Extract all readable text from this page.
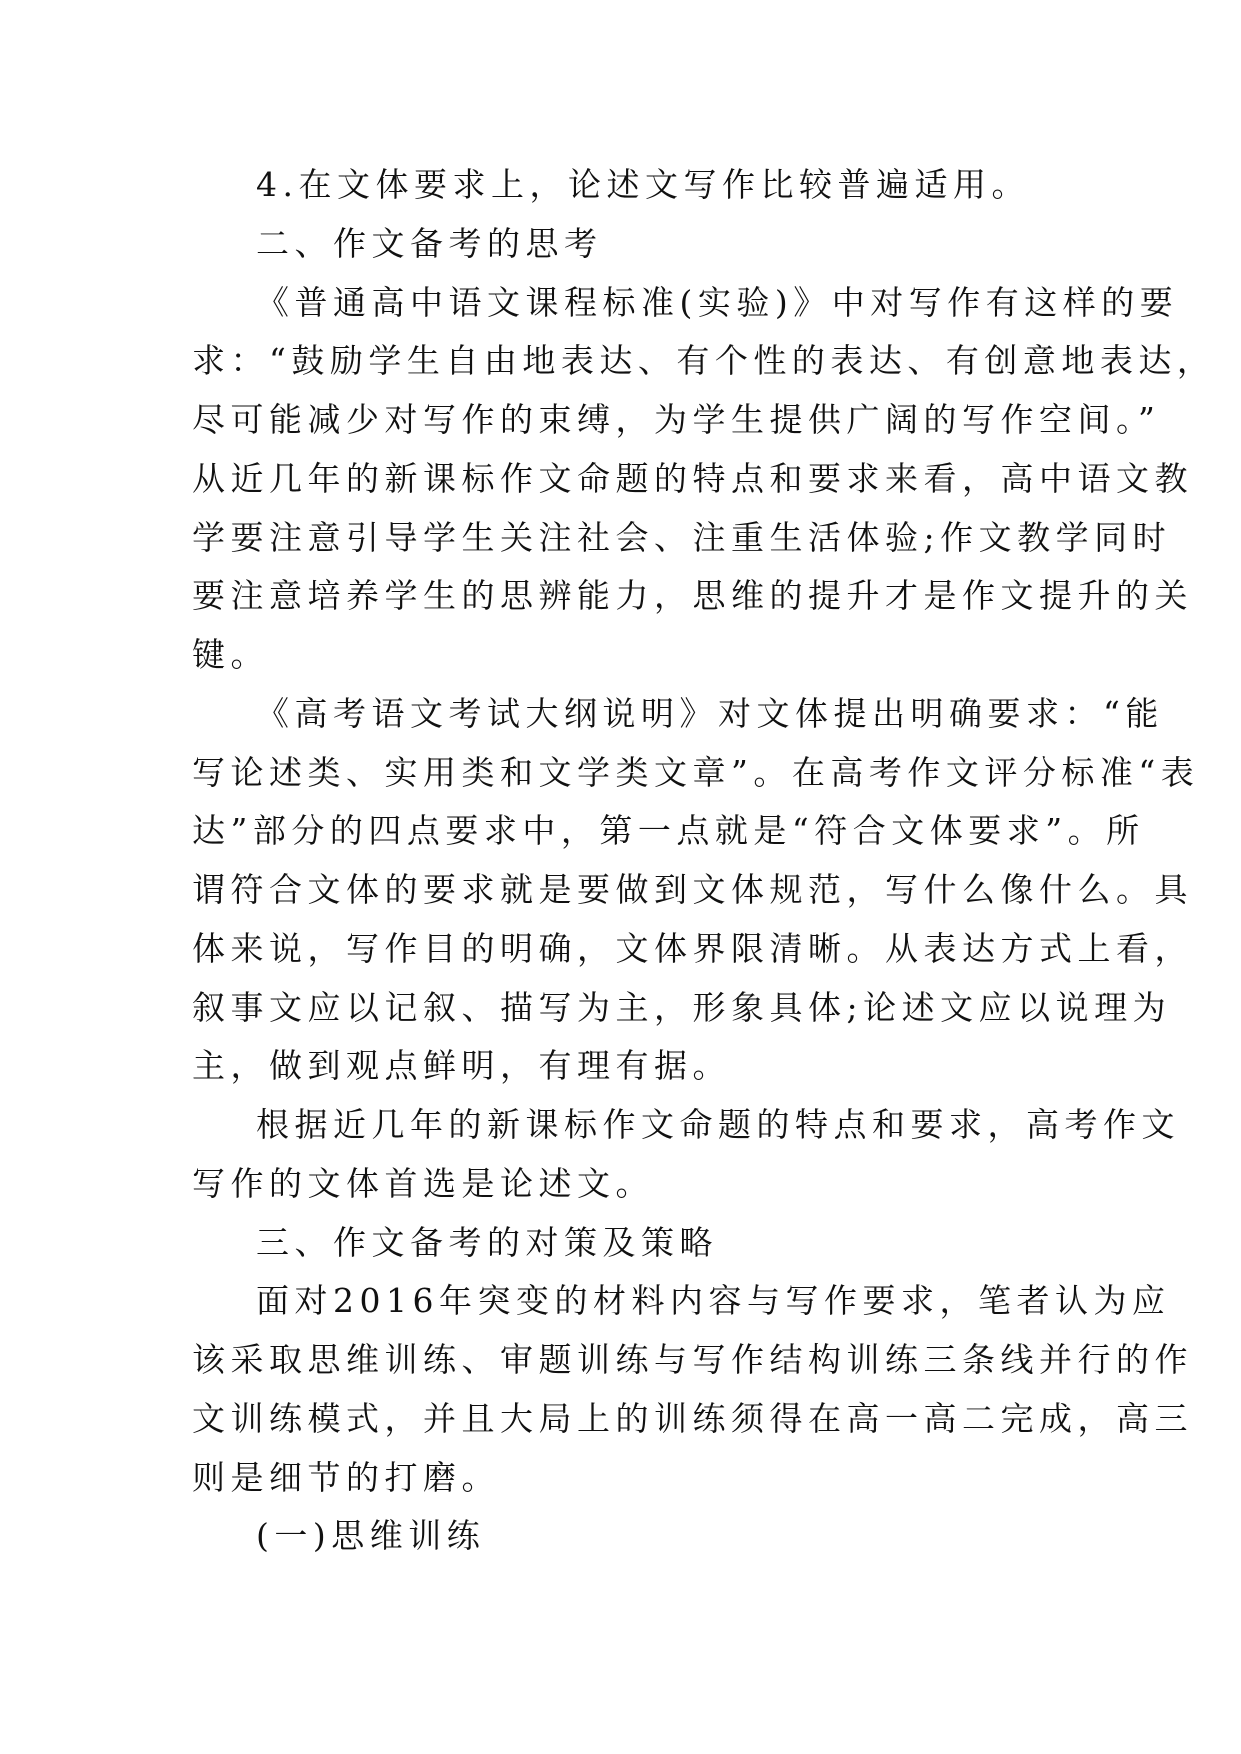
4.在文体要求上，论述文写作比较普遍适用。
二、作文备考的思考
《普通高中语文课程标准(实验)》中对写作有这样的要
求：“鼓励学生自由地表达、有个性的表达、有创意地表达，
尽可能减少对写作的束缚，为学生提供广阔的写作空间。”
从近几年的新课标作文命题的特点和要求来看，高中语文教
学要注意引导学生关注社会、注重生活体验;作文教学同时
要注意培养学生的思辨能力，思维的提升才是作文提升的关
键。
《高考语文考试大纲说明》对文体提出明确要求：“能
写论述类、实用类和文学类文章”。在高考作文评分标准“表
达”部分的四点要求中，第一点就是“符合文体要求”。所
谓符合文体的要求就是要做到文体规范，写什么像什么。具
体来说，写作目的明确，文体界限清晰。从表达方式上看，
叙事文应以记叙、描写为主，形象具体;论述文应以说理为
主，做到观点鲜明，有理有据。
根据近几年的新课标作文命题的特点和要求，高考作文
写作的文体首选是论述文。
三、作文备考的对策及策略
面对2016年突变的材料内容与写作要求，笔者认为应
该采取思维训练、审题训练与写作结构训练三条线并行的作
文训练模式，并且大局上的训练须得在高一高二完成，高三
则是细节的打磨。
(一)思维训练
